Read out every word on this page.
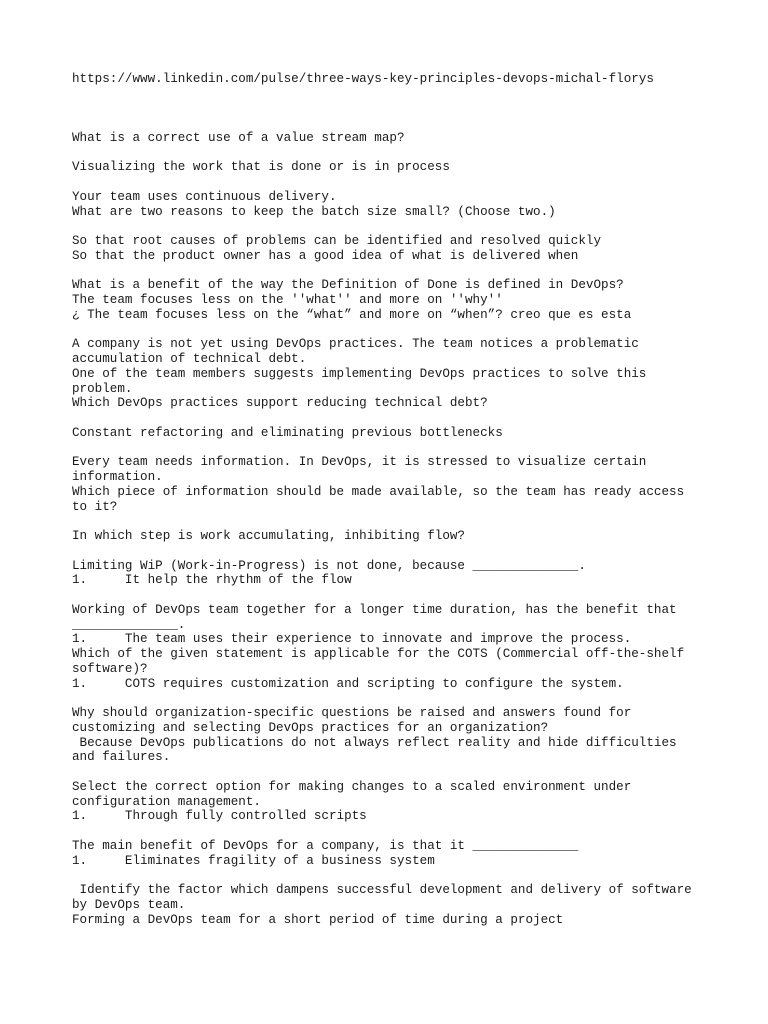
https://www.linkedin.com/pulse/three-ways-key-principles-devops-michal-florys
What is a correct use of a value stream map?
Visualizing the work that is done or is in process
Your team uses continuous delivery.
What are two reasons to keep the batch size small? (Choose two.)
So that root causes of problems can be identified and resolved quickly
So that the product owner has a good idea of what is delivered when
What is a benefit of the way the Definition of Done is defined in DevOps?
The team focuses less on the ''what'' and more on ''why''
¿ The team focuses less on the “what” and more on “when”? creo que es esta
A company is not yet using DevOps practices. The team notices a problematic
accumulation of technical debt.
One of the team members suggests implementing DevOps practices to solve this
problem.
Which DevOps practices support reducing technical debt?
Constant refactoring and eliminating previous bottlenecks
Every team needs information. In DevOps, it is stressed to visualize certain
information.
Which piece of information should be made available, so the team has ready access
to it?
In which step is work accumulating, inhibiting flow?
Limiting WiP (Work-in-Progress) is not done, because ______________.
1.     It help the rhythm of the flow
Working of DevOps team together for a longer time duration, has the benefit that
______________.
1.     The team uses their experience to innovate and improve the process.
Which of the given statement is applicable for the COTS (Commercial off-the-shelf
software)?
1.     COTS requires customization and scripting to configure the system.
Why should organization-specific questions be raised and answers found for
customizing and selecting DevOps practices for an organization?
Because DevOps publications do not always reflect reality and hide difficulties
and failures.
Select the correct option for making changes to a scaled environment under
configuration management.
1.     Through fully controlled scripts
The main benefit of DevOps for a company, is that it ______________
1.     Eliminates fragility of a business system
Identify the factor which dampens successful development and delivery of software
by DevOps team.
Forming a DevOps team for a short period of time during a project
